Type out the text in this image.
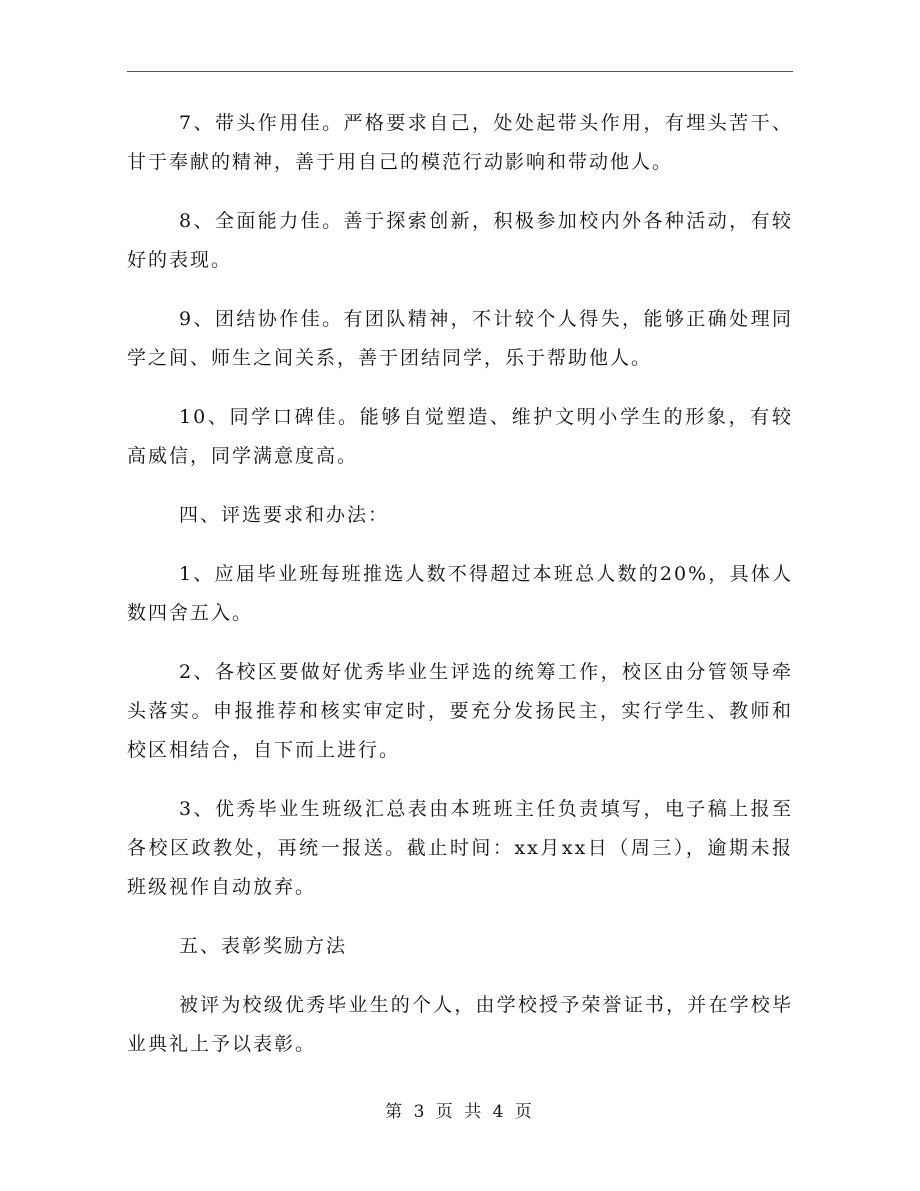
7、带头作用佳。严格要求自己，处处起带头作用，有埋头苦干、甘于奉献的精神，善于用自己的模范行动影响和带动他人。

8、全面能力佳。善于探索创新，积极参加校内外各种活动，有较好的表现。

9、团结协作佳。有团队精神，不计较个人得失，能够正确处理同学之间、师生之间关系，善于团结同学，乐于帮助他人。

10、同学口碑佳。能够自觉塑造、维护文明小学生的形象，有较高威信，同学满意度高。

四、评选要求和办法：

1、应届毕业班每班推选人数不得超过本班总人数的20%，具体人数四舍五入。

2、各校区要做好优秀毕业生评选的统筹工作，校区由分管领导牵头落实。申报推荐和核实审定时，要充分发扬民主，实行学生、教师和校区相结合，自下而上进行。

3、优秀毕业生班级汇总表由本班班主任负责填写，电子稿上报至各校区政教处，再统一报送。截止时间：xx月xx日（周三），逾期未报班级视作自动放弃。

五、表彰奖励方法

被评为校级优秀毕业生的个人，由学校授予荣誉证书，并在学校毕业典礼上予以表彰。

第 3 页 共 4 页
